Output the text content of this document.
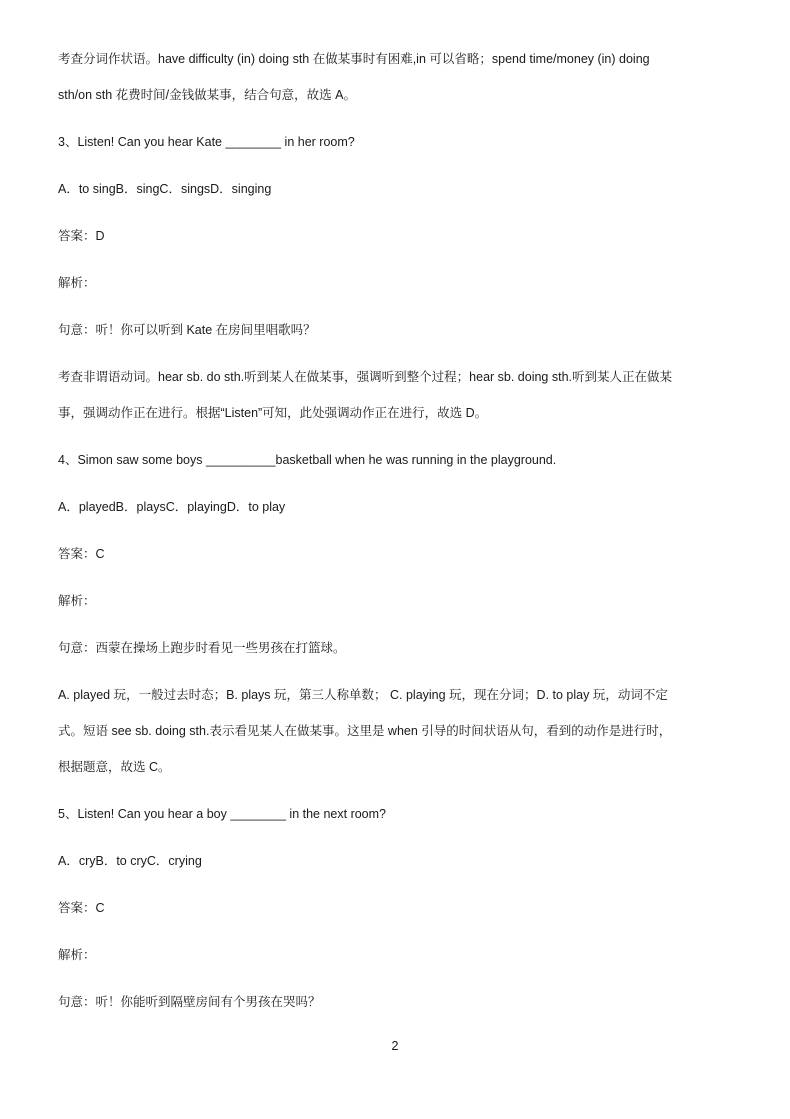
考查分词作状语。have difficulty (in) doing sth 在做某事时有困难,in 可以省略；spend time/money (in) doing
sth/on sth 花费时间/金钱做某事，结合句意，故选 A。
3、Listen! Can you hear Kate ________ in her room?
A．to singB．singC．singsD．singing
答案：D
解析：
句意：听！你可以听到 Kate 在房间里唱歌吗？
考查非谓语动词。hear sb. do sth.听到某人在做某事，强调听到整个过程；hear sb. doing sth.听到某人正在做某
事，强调动作正在进行。根据“Listen”可知，此处强调动作正在进行，故选 D。
4、Simon saw some boys __________basketball when he was running in the playground.
A．playedB．playsC．playingD．to play
答案：C
解析：
句意：西蒙在操场上跑步时看见一些男孩在打篮球。
A. played 玩，一般过去时态；B. plays 玩，第三人称单数； C. playing 玩，现在分词；D. to play 玩，动词不定
式。短语 see sb. doing sth.表示看见某人在做某事。这里是 when 引导的时间状语从句，看到的动作是进行时，
根据题意，故选 C。
5、Listen! Can you hear a boy ________ in the next room?
A．cryB．to cryC．crying
答案：C
解析：
句意：听！你能听到隔壁房间有个男孩在哭吗？
2
